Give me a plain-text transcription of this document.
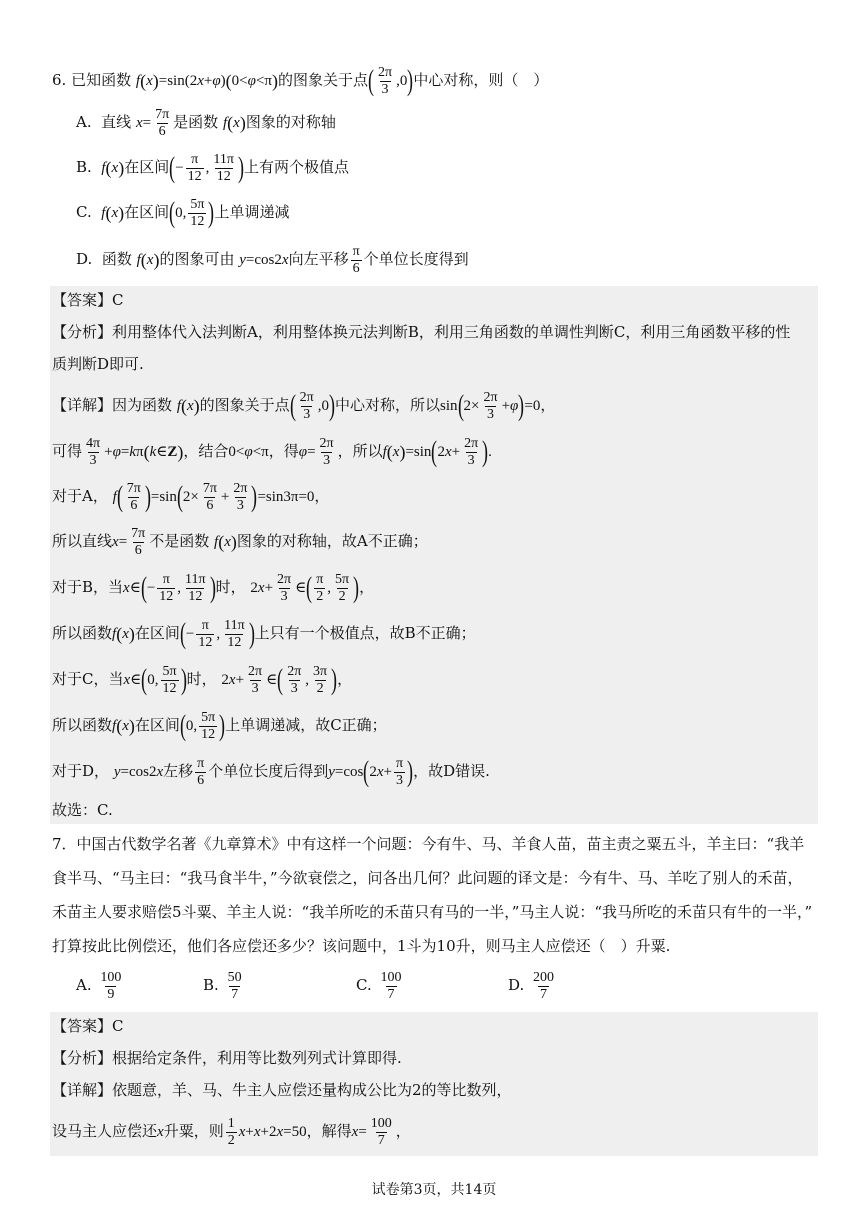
6. 已知函数 f(x)=sin(2x+φ)(0<φ<π)的图象关于点( $\frac{2\pi}{3} ,0$)中心对称，则（　）
A. 直线 $x= \frac{7\pi}{6}$ 是函数 f(x)图象的对称轴
B. f(x)在区间(− $\frac{\pi}{12}$ , $\frac{11\pi}{12}$ )上有两个极值点
C. f(x)在区间(0, $\frac{5\pi}{12}$ )上单调递减
D. 函数 f(x)的图象可由 y=cos2x向左平移 $\frac{\pi}{6}$ 个单位长度得到
【答案】C
【分析】利用整体代入法判断A，利用整体换元法判断B，利用三角函数的单调性判断C，利用三角函数平移的性
质判断D即可.
【详解】因为函数 f(x)的图象关于点( $\frac{2\pi}{3} ,0$)中心对称，所以$\sin(2\times \frac{2\pi}{3} +\varphi)=0$，
可得 $\frac{4\pi}{3}$ +φ=kπ(k∈Z)，结合0<φ<π，得$\varphi= \frac{2\pi}{3}$ ，所以$f(x)=\sin(2x+ \frac{2\pi}{3}$ ).
对于A， $f( \frac{7\pi}{6} )=\sin(2\times \frac{7\pi}{6} + \frac{2\pi}{3} )=\sin 3\pi=0$，
所以直线$x= \frac{7\pi}{6}$ 不是函数 f(x)图象的对称轴，故A不正确；
对于B，当x∈(− $\frac{\pi}{12}$ , $\frac{11\pi}{12}$ )时， $2x+ \frac{2\pi}{3}$ ∈( $\frac{\pi}{2}$ , $\frac{5\pi}{2}$ )，
所以函数f(x)在区间(− $\frac{\pi}{12}$ , $\frac{11\pi}{12}$ )上只有一个极值点，故B不正确；
对于C，当x∈(0, $\frac{5\pi}{12}$ )时， $2x+ \frac{2\pi}{3}$ ∈( $\frac{2\pi}{3}$ , $\frac{3\pi}{2}$ )，
所以函数f(x)在区间(0, $\frac{5\pi}{12}$ )上单调递减，故C正确；
对于D， y=cos2x左移 $\frac{\pi}{6}$ 个单位长度后得到$y=\cos(2x+ \frac{\pi}{3}$ )，故D错误.
故选：C.
7．中国古代数学名著《九章算术》中有这样一个问题：今有牛、马、羊食人苗，苗主责之粟五斗，羊主曰：“我羊
食半马、“马主曰：“我马食半牛，”今欲衰偿之，问各出几何？此问题的译文是：今有牛、马、羊吃了别人的禾苗，
禾苗主人要求赔偿5斗粟、羊主人说：“我羊所吃的禾苗只有马的一半，”马主人说：“我马所吃的禾苗只有牛的一半，”
打算按此比例偿还，他们各应偿还多少？该问题中，1斗为10升，则马主人应偿还（　）升粟.
A. $\frac{100}{9}$	B. $\frac{50}{7}$	C. $\frac{100}{7}$	D. $\frac{200}{7}$
【答案】C
【分析】根据给定条件，利用等比数列列式计算即得.
【详解】依题意，羊、马、牛主人应偿还量构成公比为2的等比数列，
设马主人应偿还x升粟，则 $\frac{1}{2} x+x+2x=50$，解得$x= \frac{100}{7}$ ，
试卷第3页，共14页
